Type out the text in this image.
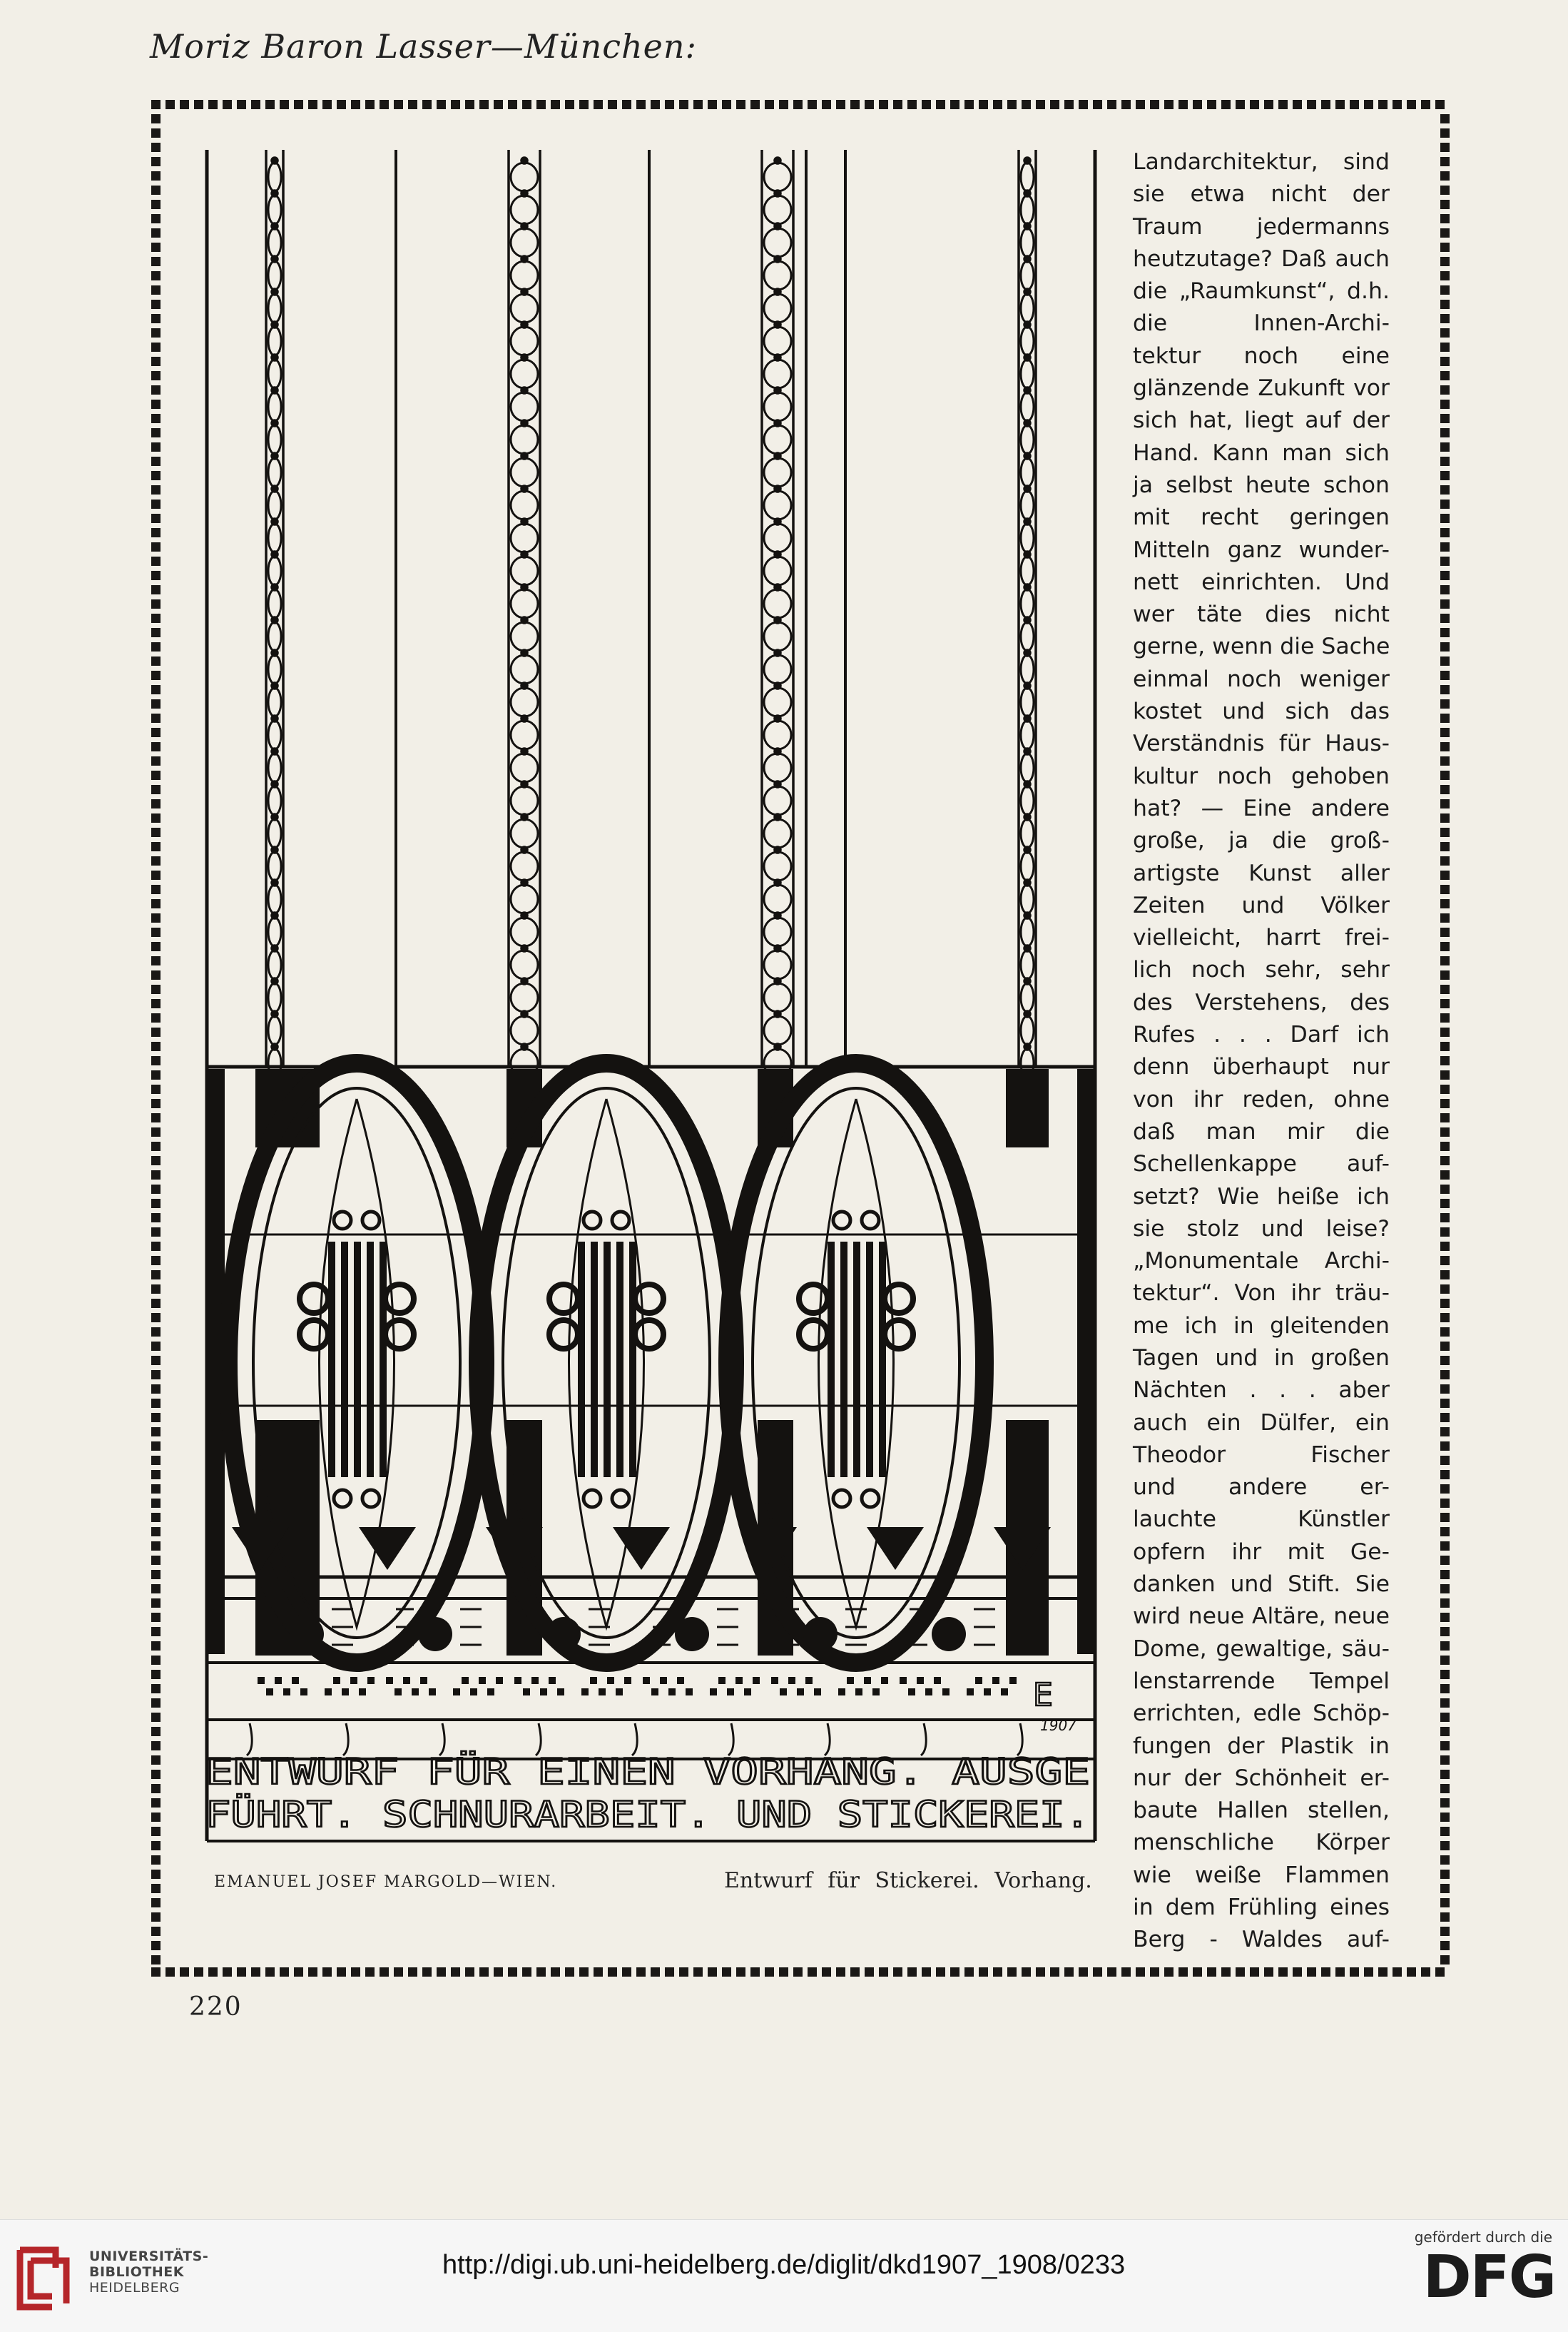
Moriz Baron Lasser—München:
ENTWURF FÜR EINEN VORHANG. AUSGE
FÜHRT. SCHNURARBEIT. UND STICKEREI.
1907
E
EMANUEL JOSEF MARGOLD—WIEN.	Entwurf für Stickerei. Vorhang.
Landarchitektur, sind
sie etwa nicht der
Traum jedermanns
heutzutage? Daß auch
die „Raumkunst“, d.h.
die Innen-Archi-
tektur noch eine
glänzende Zukunft vor
sich hat, liegt auf der
Hand. Kann man sich
ja selbst heute schon
mit recht geringen
Mitteln ganz wunder-
nett einrichten. Und
wer täte dies nicht
gerne, wenn die Sache
einmal noch weniger
kostet und sich das
Verständnis für Haus-
kultur noch gehoben
hat? — Eine andere
große, ja die groß-
artigste Kunst aller
Zeiten und Völker
vielleicht, harrt frei-
lich noch sehr, sehr
des Verstehens, des
Rufes . . . Darf ich
denn überhaupt nur
von ihr reden, ohne
daß man mir die
Schellenkappe auf-
setzt? Wie heiße ich
sie stolz und leise?
„Monumentale Archi-
tektur“. Von ihr träu-
me ich in gleitenden
Tagen und in großen
Nächten . . . aber
auch ein Dülfer, ein
Theodor Fischer
und andere er-
lauchte Künstler
opfern ihr mit Ge-
danken und Stift. Sie
wird neue Altäre, neue
Dome, gewaltige, säu-
lenstarrende Tempel
errichten, edle Schöp-
fungen der Plastik in
nur der Schönheit er-
baute Hallen stellen,
menschliche Körper
wie weiße Flammen
in dem Frühling eines
Berg - Waldes auf-
220
UNIVERSITÄTS-
BIBLIOTHEK
HEIDELBERG
http://digi.ub.uni-heidelberg.de/diglit/dkd1907_1908/0233
gefördert durch die
DFG
